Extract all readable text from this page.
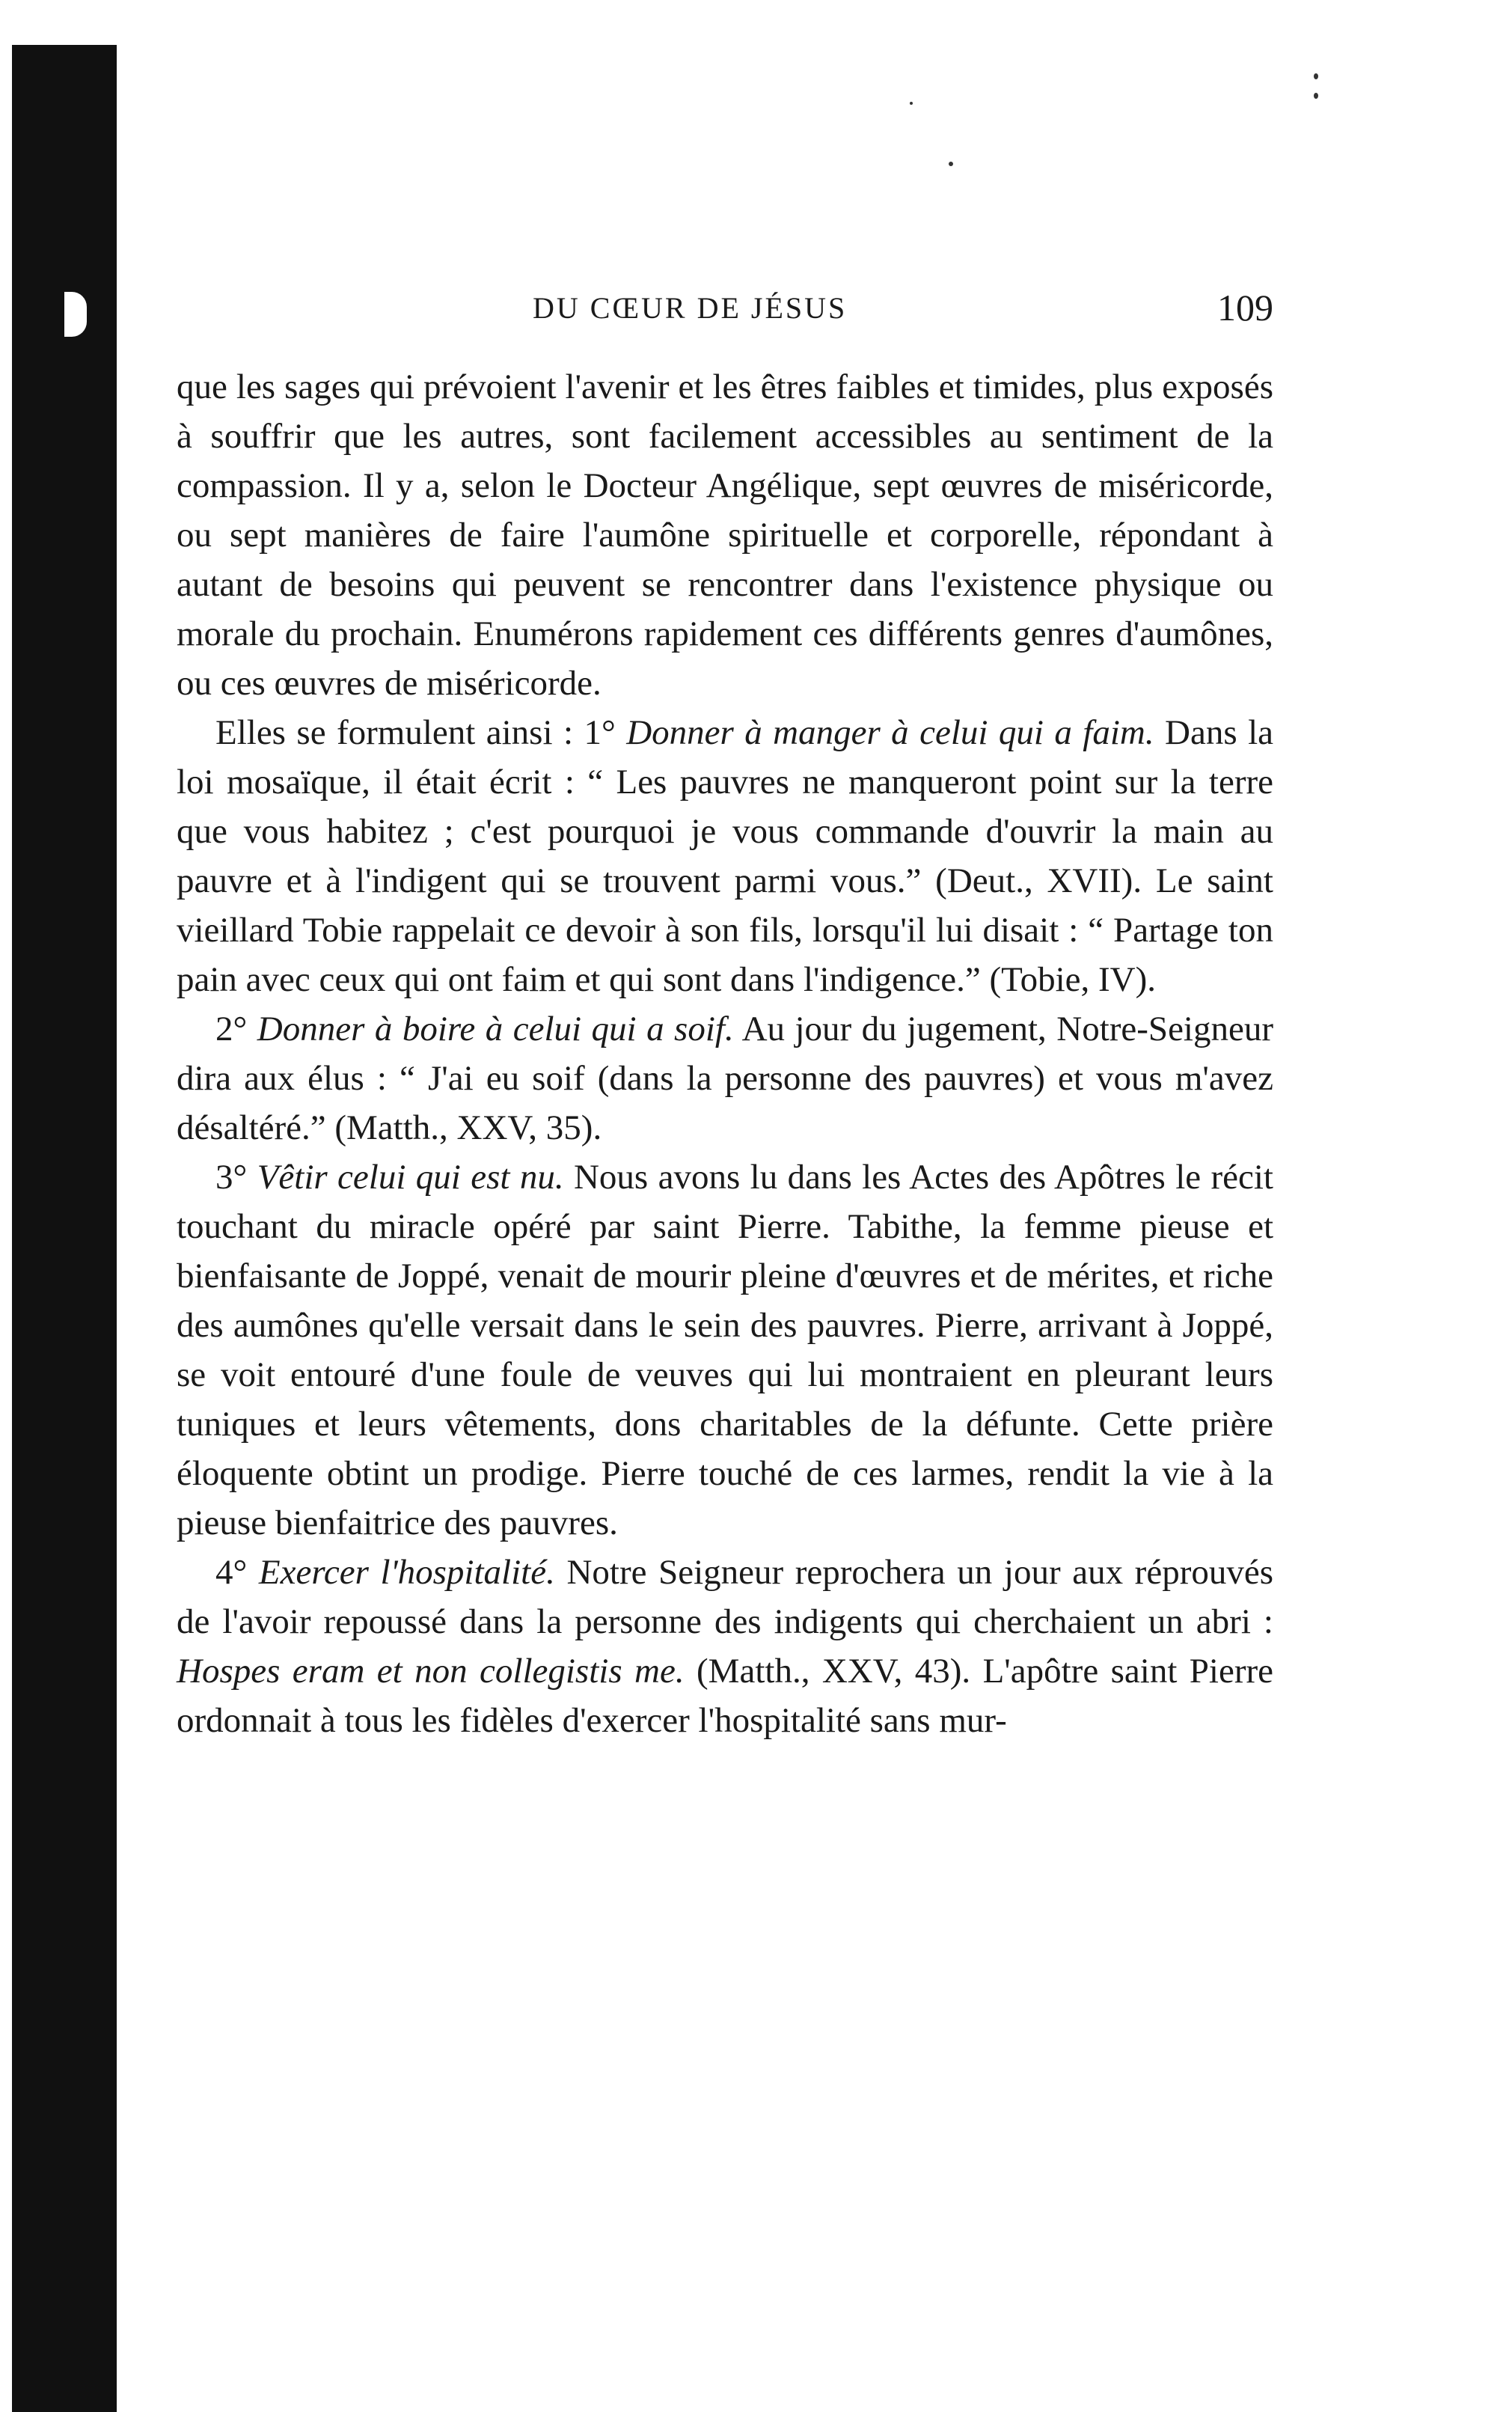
DU CŒUR DE JÉSUS	109

que les sages qui prévoient l'avenir et les êtres faibles et timides, plus exposés à souffrir que les autres, sont facilement accessibles au sentiment de la compassion. Il y a, selon le Docteur Angélique, sept œuvres de miséricorde, ou sept manières de faire l'aumône spirituelle et corporelle, répondant à autant de besoins qui peuvent se rencontrer dans l'existence physique ou morale du prochain. Enumérons rapidement ces différents genres d'aumônes, ou ces œuvres de miséricorde.

Elles se formulent ainsi : 1° Donner à manger à celui qui a faim. Dans la loi mosaïque, il était écrit : “ Les pauvres ne manqueront point sur la terre que vous habitez ; c'est pourquoi je vous commande d'ouvrir la main au pauvre et à l'indigent qui se trouvent parmi vous.” (Deut., XVII). Le saint vieillard Tobie rappelait ce devoir à son fils, lorsqu'il lui disait : “ Partage ton pain avec ceux qui ont faim et qui sont dans l'indigence.” (Tobie, IV).

2° Donner à boire à celui qui a soif. Au jour du jugement, Notre-Seigneur dira aux élus : “ J'ai eu soif (dans la personne des pauvres) et vous m'avez désaltéré.” (Matth., XXV, 35).

3° Vêtir celui qui est nu. Nous avons lu dans les Actes des Apôtres le récit touchant du miracle opéré par saint Pierre. Tabithe, la femme pieuse et bienfaisante de Joppé, venait de mourir pleine d'œuvres et de mérites, et riche des aumônes qu'elle versait dans le sein des pauvres. Pierre, arrivant à Joppé, se voit entouré d'une foule de veuves qui lui montraient en pleurant leurs tuniques et leurs vêtements, dons charitables de la défunte. Cette prière éloquente obtint un prodige. Pierre touché de ces larmes, rendit la vie à la pieuse bienfaitrice des pauvres.

4° Exercer l'hospitalité. Notre Seigneur reprochera un jour aux réprouvés de l'avoir repoussé dans la personne des indigents qui cherchaient un abri : Hospes eram et non collegistis me. (Matth., XXV, 43). L'apôtre saint Pierre ordonnait à tous les fidèles d'exercer l'hospitalité sans mur-
